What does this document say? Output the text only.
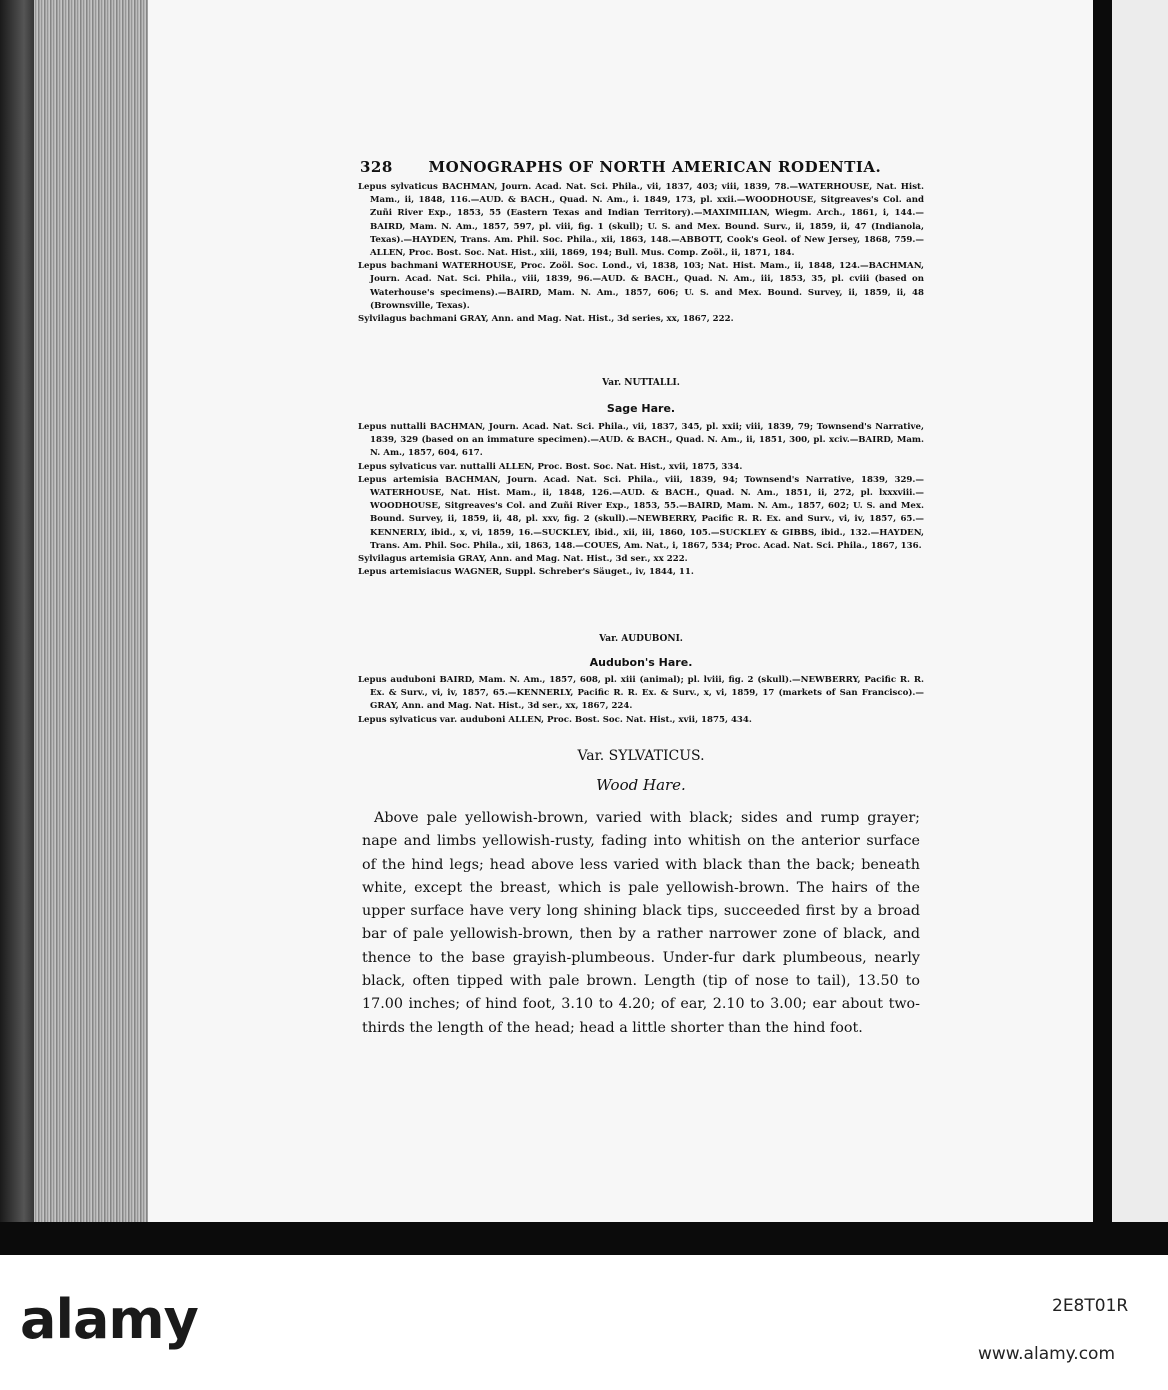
328 MONOGRAPHS OF NORTH AMERICAN RODENTIA.

Lepus sylvaticus BACHMAN, Journ. Acad. Nat. Sci. Phila., vii, 1837, 403; viii, 1839, 78.—WATERHOUSE, Nat. Hist. Mam., ii, 1848, 116.—AUD. & BACH., Quad. N. Am., i. 1849, 173, pl. xxii.—WOODHOUSE, Sitgreaves's Col. and Zuñi River Exp., 1853, 55 (Eastern Texas and Indian Territory).—MAXIMILIAN, Wiegm. Arch., 1861, i, 144.—BAIRD, Mam. N. Am., 1857, 597, pl. viii, fig. 1 (skull); U. S. and Mex. Bound. Surv., ii, 1859, ii, 47 (Indianola, Texas).—HAYDEN, Trans. Am. Phil. Soc. Phila., xii, 1863, 148.—ABBOTT, Cook's Geol. of New Jersey, 1868, 759.—ALLEN, Proc. Bost. Soc. Nat. Hist., xiii, 1869, 194; Bull. Mus. Comp. Zoöl., ii, 1871, 184.

Lepus bachmani WATERHOUSE, Proc. Zoöl. Soc. Lond., vi, 1838, 103; Nat. Hist. Mam., ii, 1848, 124.—BACHMAN, Journ. Acad. Nat. Sci. Phila., viii, 1839, 96.—AUD. & BACH., Quad. N. Am., iii, 1853, 35, pl. cviii (based on Waterhouse's specimens).—BAIRD, Mam. N. Am., 1857, 606; U. S. and Mex. Bound. Survey, ii, 1859, ii, 48 (Brownsville, Texas).

Sylvilagus bachmani GRAY, Ann. and Mag. Nat. Hist., 3d series, xx, 1867, 222.

Var. NUTTALLI.
Sage Hare.

Lepus nuttalli BACHMAN, Journ. Acad. Nat. Sci. Phila., vii, 1837, 345, pl. xxii; viii, 1839, 79; Townsend's Narrative, 1839, 329 (based on an immature specimen).—AUD. & BACH., Quad. N. Am., ii, 1851, 300, pl. xciv.—BAIRD, Mam. N. Am., 1857, 604, 617.

Lepus sylvaticus var. nuttalli ALLEN, Proc. Bost. Soc. Nat. Hist., xvii, 1875, 334.

Lepus artemisia BACHMAN, Journ. Acad. Nat. Sci. Phila., viii, 1839, 94; Townsend's Narrative, 1839, 329.—WATERHOUSE, Nat. Hist. Mam., ii, 1848, 126.—AUD. & BACH., Quad. N. Am., 1851, ii, 272, pl. lxxxviii.—WOODHOUSE, Sitgreaves's Col. and Zuñi River Exp., 1853, 55.—BAIRD, Mam. N. Am., 1857, 602; U. S. and Mex. Bound. Survey, ii, 1859, ii, 48, pl. xxv, fig. 2 (skull).—NEWBERRY, Pacific R. R. Ex. and Surv., vi, iv, 1857, 65.—KENNERLY, ibid., x, vi, 1859, 16.—SUCKLEY, ibid., xii, iii, 1860, 105.—SUCKLEY & GIBBS, ibid., 132.—HAYDEN, Trans. Am. Phil. Soc. Phila., xii, 1863, 148.—COUES, Am. Nat., i, 1867, 534; Proc. Acad. Nat. Sci. Phila., 1867, 136.

Sylvilagus artemisia GRAY, Ann. and Mag. Nat. Hist., 3d ser., xx 222.

Lepus artemisiacus WAGNER, Suppl. Schreber's Säuget., iv, 1844, 11.

Var. AUDUBONI.
Audubon's Hare.

Lepus auduboni BAIRD, Mam. N. Am., 1857, 608, pl. xiii (animal); pl. lviii, fig. 2 (skull).—NEWBERRY, Pacific R. R. Ex. & Surv., vi, iv, 1857, 65.—KENNERLY, Pacific R. R. Ex. & Surv., x, vi, 1859, 17 (markets of San Francisco).—GRAY, Ann. and Mag. Nat. Hist., 3d ser., xx, 1867, 224.

Lepus sylvaticus var. auduboni ALLEN, Proc. Bost. Soc. Nat. Hist., xvii, 1875, 434.

Var. SYLVATICUS.
Wood Hare.

Above pale yellowish-brown, varied with black; sides and rump grayer; nape and limbs yellowish-rusty, fading into whitish on the anterior surface of the hind legs; head above less varied with black than the back; beneath white, except the breast, which is pale yellowish-brown. The hairs of the upper surface have very long shining black tips, succeeded first by a broad bar of pale yellowish-brown, then by a rather narrower zone of black, and thence to the base grayish-plumbeous. Under-fur dark plumbeous, nearly black, often tipped with pale brown. Length (tip of nose to tail), 13.50 to 17.00 inches; of hind foot, 3.10 to 4.20; of ear, 2.10 to 3.00; ear about two-thirds the length of the head; head a little shorter than the hind foot.

alamy	2E8T01R
www.alamy.com
